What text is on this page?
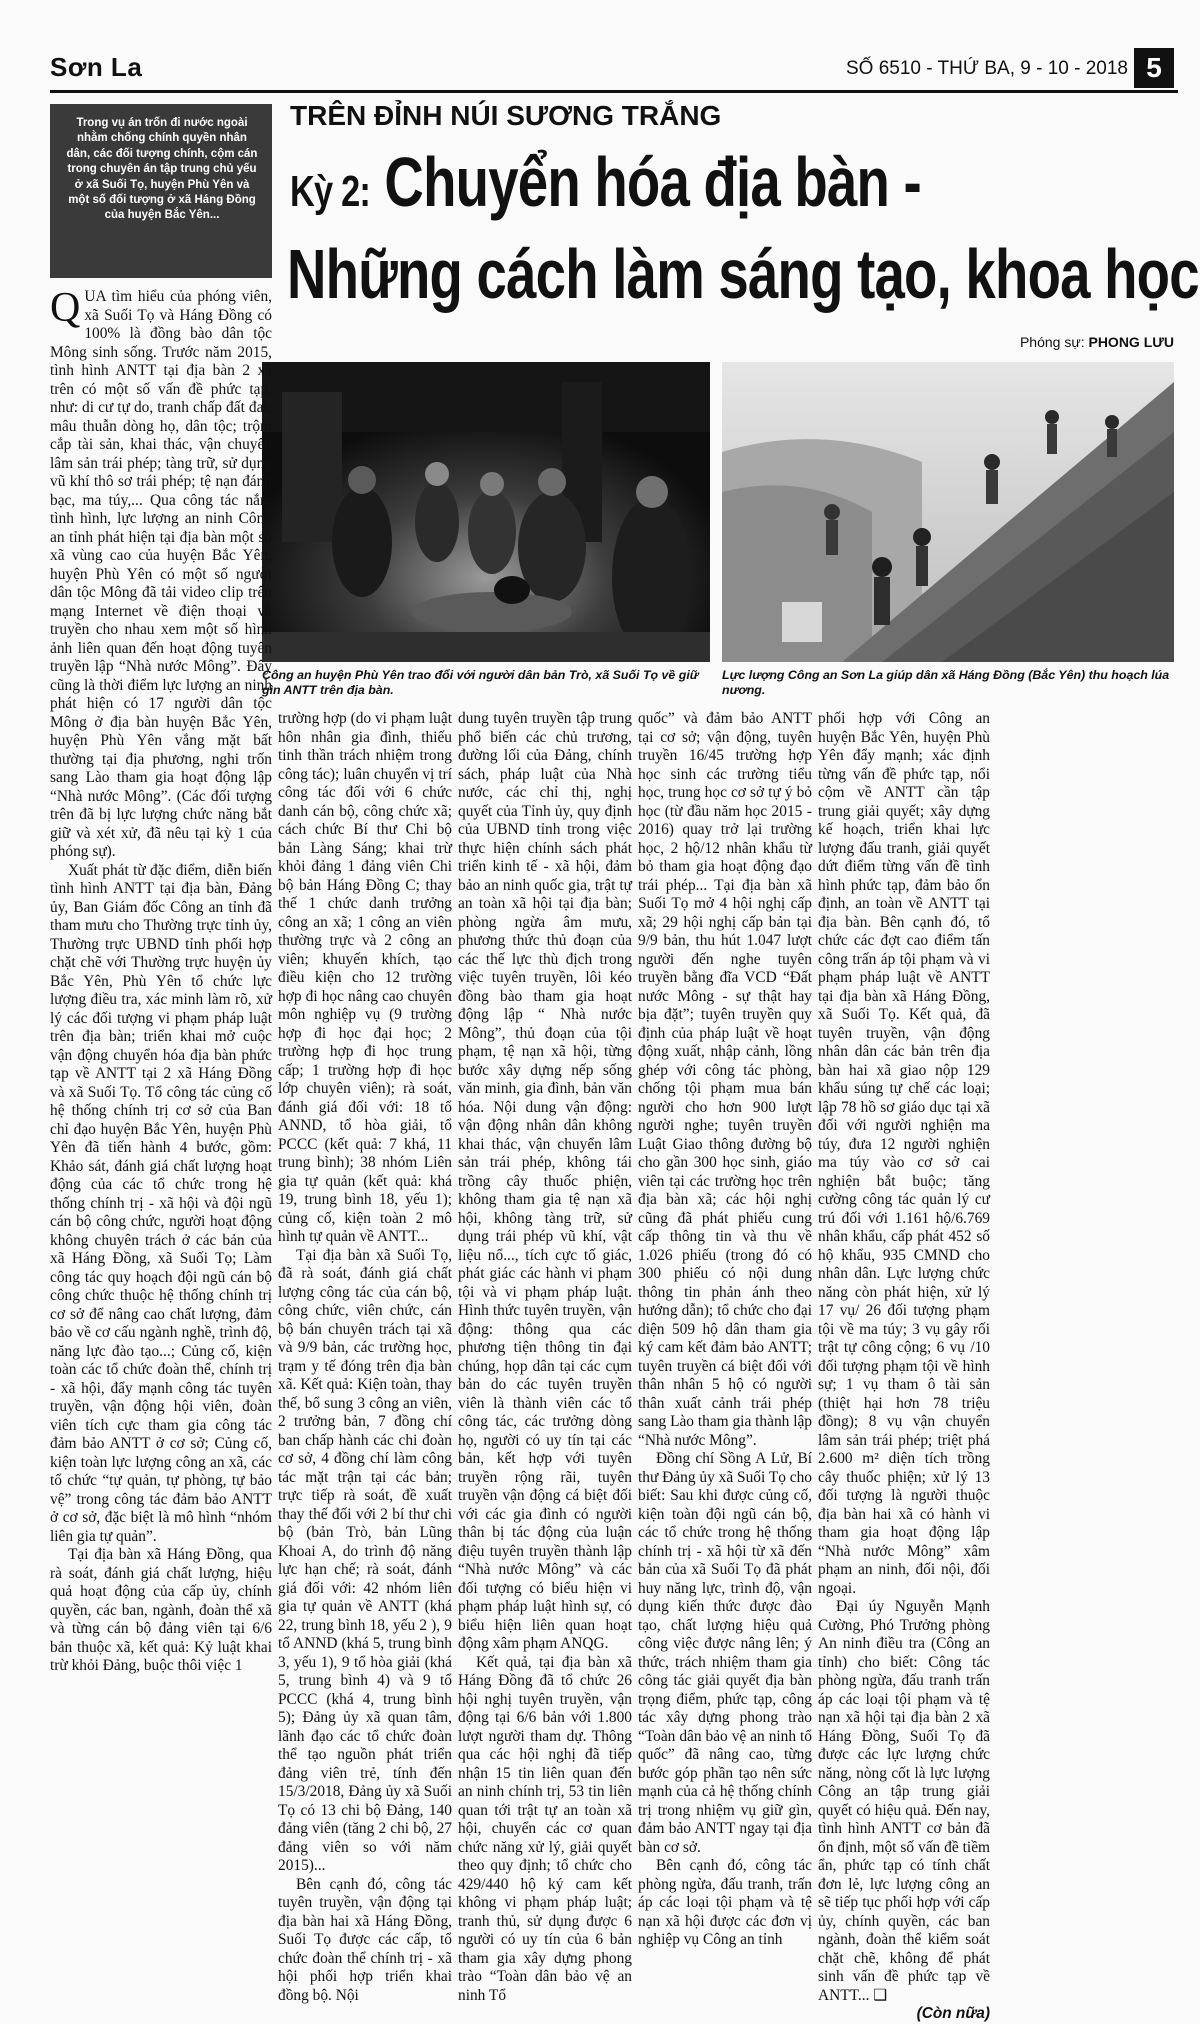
Sơn La	SỐ 6510 - THỨ BA, 9 - 10 - 2018 5
Trong vụ án trốn đi nước ngoài nhằm chống chính quyền nhân dân, các đối tượng chính, cộm cán trong chuyên án tập trung chủ yếu ở xã Suối Tọ, huyện Phù Yên và một số đối tượng ở xã Háng Đồng của huyện Bắc Yên...
TRÊN ĐỈNH NÚI SƯƠNG TRẮNG
Kỳ 2: Chuyển hóa địa bàn -
Những cách làm sáng tạo, khoa học
Phóng sự: PHONG LƯU
Công an huyện Phù Yên trao đổi với người dân bản Trò, xã Suối Tọ về giữ gìn ANTT trên địa bàn.
Lực lượng Công an Sơn La giúp dân xã Háng Đồng (Bắc Yên) thu hoạch lúa nương.

QUA tìm hiểu của phóng viên, xã Suối Tọ và Háng Đồng có 100% là đồng bào dân tộc Mông sinh sống. Trước năm 2015, tình hình ANTT tại địa bàn 2 xã trên có một số vấn đề phức tạp, như: di cư tự do, tranh chấp đất đai; mâu thuẫn dòng họ, dân tộc; trộm cắp tài sản, khai thác, vận chuyển lâm sản trái phép; tàng trữ, sử dụng vũ khí thô sơ trái phép; tệ nạn đánh bạc, ma túy,... Qua công tác nắm tình hình, lực lượng an ninh Công an tỉnh phát hiện tại địa bàn một số xã vùng cao của huyện Bắc Yên, huyện Phù Yên có một số người dân tộc Mông đã tải video clip trên mạng Internet về điện thoại và truyền cho nhau xem một số hình ảnh liên quan đến hoạt động tuyên truyền lập “Nhà nước Mông”. Đây cũng là thời điểm lực lượng an ninh phát hiện có 17 người dân tộc Mông ở địa bàn huyện Bắc Yên, huyện Phù Yên vắng mặt bất thường tại địa phương, nghi trốn sang Lào tham gia hoạt động lập “Nhà nước Mông”. (Các đối tượng trên đã bị lực lượng chức năng bắt giữ và xét xử, đã nêu tại kỳ 1 của phóng sự).

Xuất phát từ đặc điểm, diễn biến tình hình ANTT tại địa bàn, Đảng ủy, Ban Giám đốc Công an tỉnh đã tham mưu cho Thường trực tỉnh ủy, Thường trực UBND tỉnh phối hợp chặt chẽ với Thường trực huyện ủy Bắc Yên, Phù Yên tổ chức lực lượng điều tra, xác minh làm rõ, xử lý các đối tượng vi phạm pháp luật trên địa bàn; triển khai mở cuộc vận động chuyển hóa địa bàn phức tạp về ANTT tại 2 xã Háng Đồng và xã Suối Tọ. Tổ công tác củng cố hệ thống chính trị cơ sở của Ban chỉ đạo huyện Bắc Yên, huyện Phù Yên đã tiến hành 4 bước, gồm: Khảo sát, đánh giá chất lượng hoạt động của các tổ chức trong hệ thống chính trị - xã hội và đội ngũ cán bộ công chức, người hoạt động không chuyên trách ở các bản của xã Háng Đồng, xã Suối Tọ; Làm công tác quy hoạch đội ngũ cán bộ công chức thuộc hệ thống chính trị cơ sở để nâng cao chất lượng, đảm bảo về cơ cấu ngành nghề, trình độ, năng lực đào tạo...; Củng cố, kiện toàn các tổ chức đoàn thể, chính trị - xã hội, đẩy mạnh công tác tuyên truyền, vận động hội viên, đoàn viên tích cực tham gia công tác đảm bảo ANTT ở cơ sở; Củng cố, kiện toàn lực lượng công an xã, các tổ chức “tự quản, tự phòng, tự bảo vệ” trong công tác đảm bảo ANTT ở cơ sở, đặc biệt là mô hình “nhóm liên gia tự quản”.

Tại địa bàn xã Háng Đồng, qua rà soát, đánh giá chất lượng, hiệu quả hoạt động của cấp ủy, chính quyền, các ban, ngành, đoàn thể xã và từng cán bộ đảng viên tại 6/6 bản thuộc xã, kết quả: Kỷ luật khai trừ khỏi Đảng, buộc thôi việc 1

trường hợp (do vi phạm luật hôn nhân gia đình, thiếu tinh thần trách nhiệm trong công tác); luân chuyển vị trí công tác đối với 6 chức danh cán bộ, công chức xã; cách chức Bí thư Chi bộ bản Làng Sáng; khai trừ khỏi đảng 1 đảng viên Chi bộ bản Háng Đồng C; thay thế 1 chức danh trưởng công an xã; 1 công an viên thường trực và 2 công an viên; khuyến khích, tạo điều kiện cho 12 trường hợp đi học nâng cao chuyên môn nghiệp vụ (9 trường hợp đi học đại học; 2 trường hợp đi học trung cấp; 1 trường hợp đi học lớp chuyên viên); rà soát, đánh giá đối với: 18 tổ ANND, tổ hòa giải, tổ PCCC (kết quả: 7 khá, 11 trung bình); 38 nhóm Liên gia tự quản (kết quả: khá 19, trung bình 18, yếu 1); củng cố, kiện toàn 2 mô hình tự quản về ANTT...

Tại địa bàn xã Suối Tọ, đã rà soát, đánh giá chất lượng công tác của cán bộ, công chức, viên chức, cán bộ bán chuyên trách tại xã và 9/9 bản, các trường học, trạm y tế đóng trên địa bàn xã. Kết quả: Kiện toàn, thay thế, bổ sung 3 công an viên, 2 trưởng bản, 7 đồng chí ban chấp hành các chi đoàn cơ sở, 4 đồng chí làm công tác mặt trận tại các bản; trực tiếp rà soát, đề xuất thay thế đối với 2 bí thư chi bộ (bản Trò, bản Lũng Khoai A, do trình độ năng lực hạn chế; rà soát, đánh giá đối với: 42 nhóm liên gia tự quản về ANTT (khá 22, trung bình 18, yếu 2 ), 9 tổ ANND (khá 5, trung bình 3, yếu 1), 9 tổ hòa giải (khá 5, trung bình 4) và 9 tổ PCCC (khá 4, trung bình 5); Đảng ủy xã quan tâm, lãnh đạo các tổ chức đoàn thể tạo nguồn phát triển đảng viên trẻ, tính đến 15/3/2018, Đảng ủy xã Suối Tọ có 13 chi bộ Đảng, 140 đảng viên (tăng 2 chi bộ, 27 đảng viên so với năm 2015)...

Bên cạnh đó, công tác tuyên truyền, vận động tại địa bàn hai xã Háng Đồng, Suối Tọ được các cấp, tổ chức đoàn thể chính trị - xã hội phối hợp triển khai đồng bộ. Nội

dung tuyên truyền tập trung phổ biến các chủ trương, đường lối của Đảng, chính sách, pháp luật của Nhà nước, các chỉ thị, nghị quyết của Tỉnh ủy, quy định của UBND tỉnh trong việc thực hiện chính sách phát triển kinh tế - xã hội, đảm bảo an ninh quốc gia, trật tự an toàn xã hội tại địa bàn; phòng ngừa âm mưu, phương thức thủ đoạn của các thế lực thù địch trong việc tuyên truyền, lôi kéo đồng bào tham gia hoạt động lập “ Nhà nước Mông”, thủ đoạn của tội phạm, tệ nạn xã hội, từng bước xây dựng nếp sống văn minh, gia đình, bản văn hóa. Nội dung vận động: vận động nhân dân không khai thác, vận chuyển lâm sản trái phép, không tái trồng cây thuốc phiện, không tham gia tệ nạn xã hội, không tàng trữ, sử dụng trái phép vũ khí, vật liệu nổ..., tích cực tố giác, phát giác các hành vi phạm tội và vi phạm pháp luật. Hình thức tuyên truyền, vận động: thông qua các phương tiện thông tin đại chúng, họp dân tại các cụm bản do các tuyên truyền viên là thành viên các tổ công tác, các trưởng dòng họ, người có uy tín tại các bản, kết hợp với tuyên truyền rộng rãi, tuyên truyền vận động cá biệt đối với các gia đình có người thân bị tác động của luận điệu tuyên truyền thành lập “Nhà nước Mông” và các đối tượng có biểu hiện vi phạm pháp luật hình sự, có biểu hiện liên quan hoạt động xâm phạm ANQG.

Kết quả, tại địa bàn xã Háng Đồng đã tổ chức 26 hội nghị tuyên truyền, vận động tại 6/6 bản với 1.800 lượt người tham dự. Thông qua các hội nghị đã tiếp nhận 15 tin liên quan đến an ninh chính trị, 53 tin liên quan tới trật tự an toàn xã hội, chuyển các cơ quan chức năng xử lý, giải quyết theo quy định; tổ chức cho 429/440 hộ ký cam kết không vi phạm pháp luật; tranh thủ, sử dụng được 6 người có uy tín của 6 bản tham gia xây dựng phong trào “Toàn dân bảo vệ an ninh Tổ

quốc” và đảm bảo ANTT tại cơ sở; vận động, tuyên truyền 16/45 trường hợp học sinh các trường tiểu học, trung học cơ sở tự ý bỏ học (từ đầu năm học 2015 - 2016) quay trở lại trường học, 2 hộ/12 nhân khẩu từ bỏ tham gia hoạt động đạo trái phép... Tại địa bàn xã Suối Tọ mở 4 hội nghị cấp xã; 29 hội nghị cấp bản tại 9/9 bản, thu hút 1.047 lượt người đến nghe tuyên truyền bằng đĩa VCD “Đất nước Mông - sự thật hay bịa đặt”; tuyên truyền quy định của pháp luật về hoạt động xuất, nhập cảnh, lồng ghép với công tác phòng, chống tội phạm mua bán người cho hơn 900 lượt người nghe; tuyên truyền Luật Giao thông đường bộ cho gần 300 học sinh, giáo viên tại các trường học trên địa bàn xã; các hội nghị cũng đã phát phiếu cung cấp thông tin và thu về 1.026 phiếu (trong đó có 300 phiếu có nội dung thông tin phản ánh theo hướng dẫn); tổ chức cho đại diện 509 hộ dân tham gia ký cam kết đảm bảo ANTT; tuyên truyền cá biệt đối với thân nhân 5 hộ có người thân xuất cảnh trái phép sang Lào tham gia thành lập “Nhà nước Mông”.

Đồng chí Sồng A Lử, Bí thư Đảng ủy xã Suối Tọ cho biết: Sau khi được củng cố, kiện toàn đội ngũ cán bộ, các tổ chức trong hệ thống chính trị - xã hội từ xã đến bản của xã Suối Tọ đã phát huy năng lực, trình độ, vận dụng kiến thức được đào tạo, chất lượng hiệu quả công việc được nâng lên; ý thức, trách nhiệm tham gia công tác giải quyết địa bàn trọng điểm, phức tạp, công tác xây dựng phong trào “Toàn dân bảo vệ an ninh tổ quốc” đã nâng cao, từng bước góp phần tạo nên sức mạnh của cả hệ thống chính trị trong nhiệm vụ giữ gìn, đảm bảo ANTT ngay tại địa bàn cơ sở.

Bên cạnh đó, công tác phòng ngừa, đấu tranh, trấn áp các loại tội phạm và tệ nạn xã hội được các đơn vị nghiệp vụ Công an tỉnh

phối hợp với Công an huyện Bắc Yên, huyện Phù Yên đẩy mạnh; xác định từng vấn đề phức tạp, nổi cộm về ANTT cần tập trung giải quyết; xây dựng kế hoạch, triển khai lực lượng đấu tranh, giải quyết dứt điểm từng vấn đề tình hình phức tạp, đảm bảo ổn định, an toàn về ANTT tại địa bàn. Bên cạnh đó, tổ chức các đợt cao điểm tấn công trấn áp tội phạm và vi phạm pháp luật về ANTT tại địa bàn xã Háng Đồng, xã Suối Tọ. Kết quả, đã tuyên truyền, vận động nhân dân các bản trên địa bàn hai xã giao nộp 129 khẩu súng tự chế các loại; lập 78 hồ sơ giáo dục tại xã đối với người nghiện ma túy, đưa 12 người nghiện ma túy vào cơ sở cai nghiện bắt buộc; tăng cường công tác quản lý cư trú đối với 1.161 hộ/6.769 nhân khẩu, cấp phát 452 số hộ khẩu, 935 CMND cho nhân dân. Lực lượng chức năng còn phát hiện, xử lý 17 vụ/ 26 đối tượng phạm tội về ma túy; 3 vụ gây rối trật tự công cộng; 6 vụ /10 đối tượng phạm tội về hình sự; 1 vụ tham ô tài sản (thiệt hại hơn 78 triệu đồng); 8 vụ vận chuyển lâm sản trái phép; triệt phá 2.600 m² diện tích trồng cây thuốc phiện; xử lý 13 đối tượng là người thuộc địa bàn hai xã có hành vi tham gia hoạt động lập “Nhà nước Mông” xâm phạm an ninh, đối nội, đối ngoại.

Đại úy Nguyễn Mạnh Cường, Phó Trưởng phòng An ninh điều tra (Công an tỉnh) cho biết: Công tác phòng ngừa, đấu tranh trấn áp các loại tội phạm và tệ nạn xã hội tại địa bàn 2 xã Háng Đồng, Suối Tọ đã được các lực lượng chức năng, nòng cốt là lực lượng Công an tập trung giải quyết có hiệu quả. Đến nay, tình hình ANTT cơ bản đã ổn định, một số vấn đề tiềm ẩn, phức tạp có tính chất đơn lẻ, lực lượng công an sẽ tiếp tục phối hợp với cấp ủy, chính quyền, các ban ngành, đoàn thể kiểm soát chặt chẽ, không để phát sinh vấn đề phức tạp về ANTT... ❑

(Còn nữa)
